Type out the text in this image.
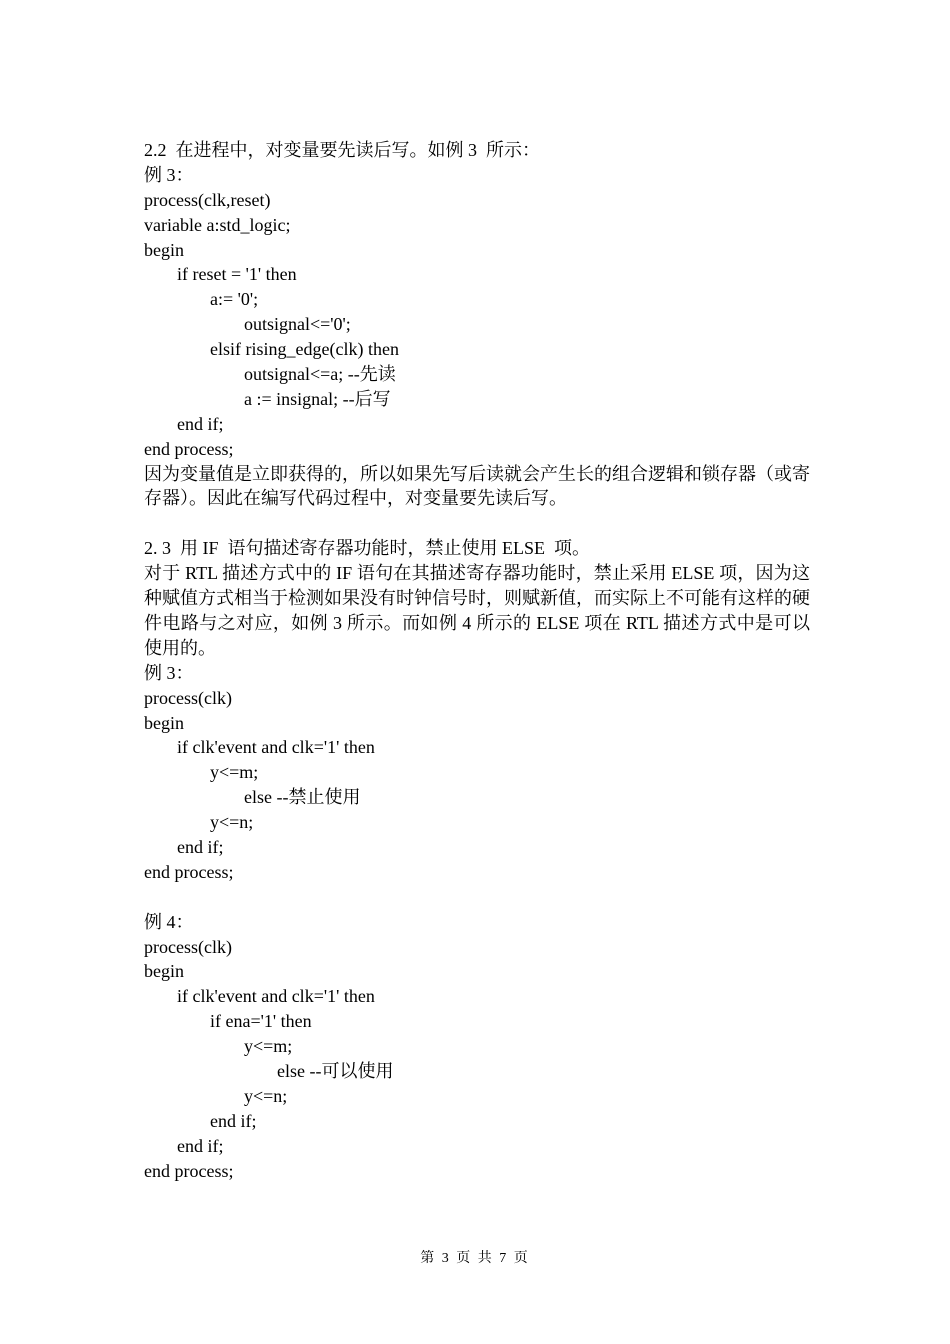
2.2  在进程中，对变量要先读后写。如例 3  所示：
例 3：
process(clk,reset)
variable a:std_logic;
begin
if reset = '1' then
a:= '0';
outsignal<='0';
elsif rising_edge(clk) then
outsignal<=a; --先读
a := insignal; --后写
end if;
end process;
因为变量值是立即获得的，所以如果先写后读就会产生长的组合逻辑和锁存器（或寄存器）。因此在编写代码过程中，对变量要先读后写。
2. 3  用 IF  语句描述寄存器功能时，禁止使用 ELSE  项。
对于 RTL 描述方式中的 IF 语句在其描述寄存器功能时，禁止采用 ELSE 项，因为这种赋值方式相当于检测如果没有时钟信号时，则赋新值，而实际上不可能有这样的硬件电路与之对应，如例 3 所示。而如例 4 所示的 ELSE 项在 RTL 描述方式中是可以使用的。
例 3：
process(clk)
begin
if clk'event and clk='1' then
y<=m;
else --禁止使用
y<=n;
end if;
end process;
例 4：
process(clk)
begin
if clk'event and clk='1' then
if ena='1' then
y<=m;
else --可以使用
y<=n;
end if;
end if;
end process;
第 3 页 共 7 页
